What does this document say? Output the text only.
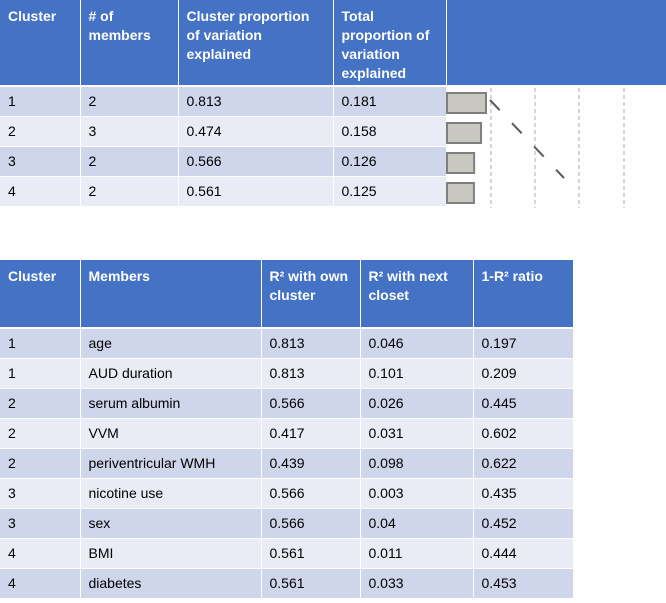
Cluster	# of members	Cluster proportion of variation explained	Total proportion of variation explained	
1	2	0.813	0.181	
2	3	0.474	0.158	
3	2	0.566	0.126	
4	2	0.561	0.125	
Cluster	Members	R² with own cluster	R² with next closet	1-R² ratio
1	age	0.813	0.046	0.197
1	AUD duration	0.813	0.101	0.209
2	serum albumin	0.566	0.026	0.445
2	VVM	0.417	0.031	0.602
2	periventricular WMH	0.439	0.098	0.622
3	nicotine use	0.566	0.003	0.435
3	sex	0.566	0.04	0.452
4	BMI	0.561	0.011	0.444
4	diabetes	0.561	0.033	0.453
